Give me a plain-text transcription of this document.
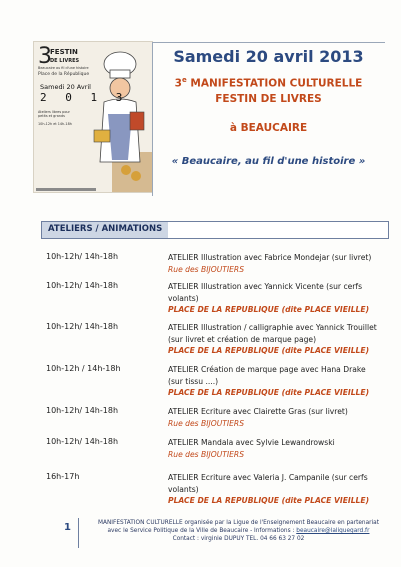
3
FESTIN
DE LIVRES
Beaucaire au fil d'une histoire
Place de la République
Samedi 20 Avril
2 0 1 3
Ateliers libres pour petits et grands
10h-12h et 14h-18h
Samedi 20 avril 2013
3e MANIFESTATION CULTURELLE
FESTIN DE LIVRES
à BEAUCAIRE
« Beaucaire, au fil d'une histoire »
ATELIERS / ANIMATIONS
10h-12h/ 14h-18h	ATELIER Illustration avec Fabrice Mondejar (sur livret)
Rue des BIJOUTIERS
10h-12h/ 14h-18h	ATELIER Illustration avec Yannick Vicente (sur cerfs volants)
PLACE DE LA REPUBLIQUE (dite PLACE VIEILLE)
10h-12h/ 14h-18h	ATELIER Illustration / calligraphie avec Yannick Trouillet (sur livret et création de marque page)
PLACE DE LA REPUBLIQUE (dite PLACE VIEILLE)
10h-12h / 14h-18h	ATELIER Création de marque page avec Hana Drake (sur tissu ....)
PLACE DE LA REPUBLIQUE (dite PLACE VIEILLE)
10h-12h/ 14h-18h	ATELIER Ecriture avec Clairette Gras (sur livret)
Rue des BIJOUTIERS
10h-12h/ 14h-18h	ATELIER Mandala avec Sylvie Lewandrowski
Rue des BIJOUTIERS
16h-17h	ATELIER Ecriture avec Valeria J. Campanile (sur cerfs volants)
PLACE DE LA REPUBLIQUE (dite PLACE VIEILLE)
1	MANIFESTATION CULTURELLE organisée par la Ligue de l'Enseignement Beaucaire en partenariat
avec le Service Politique de la Ville de Beaucaire - Informations : beaucaire@laliguegard.fr
Contact : virginie DUPUY TEL. 04 66 63 27 02
